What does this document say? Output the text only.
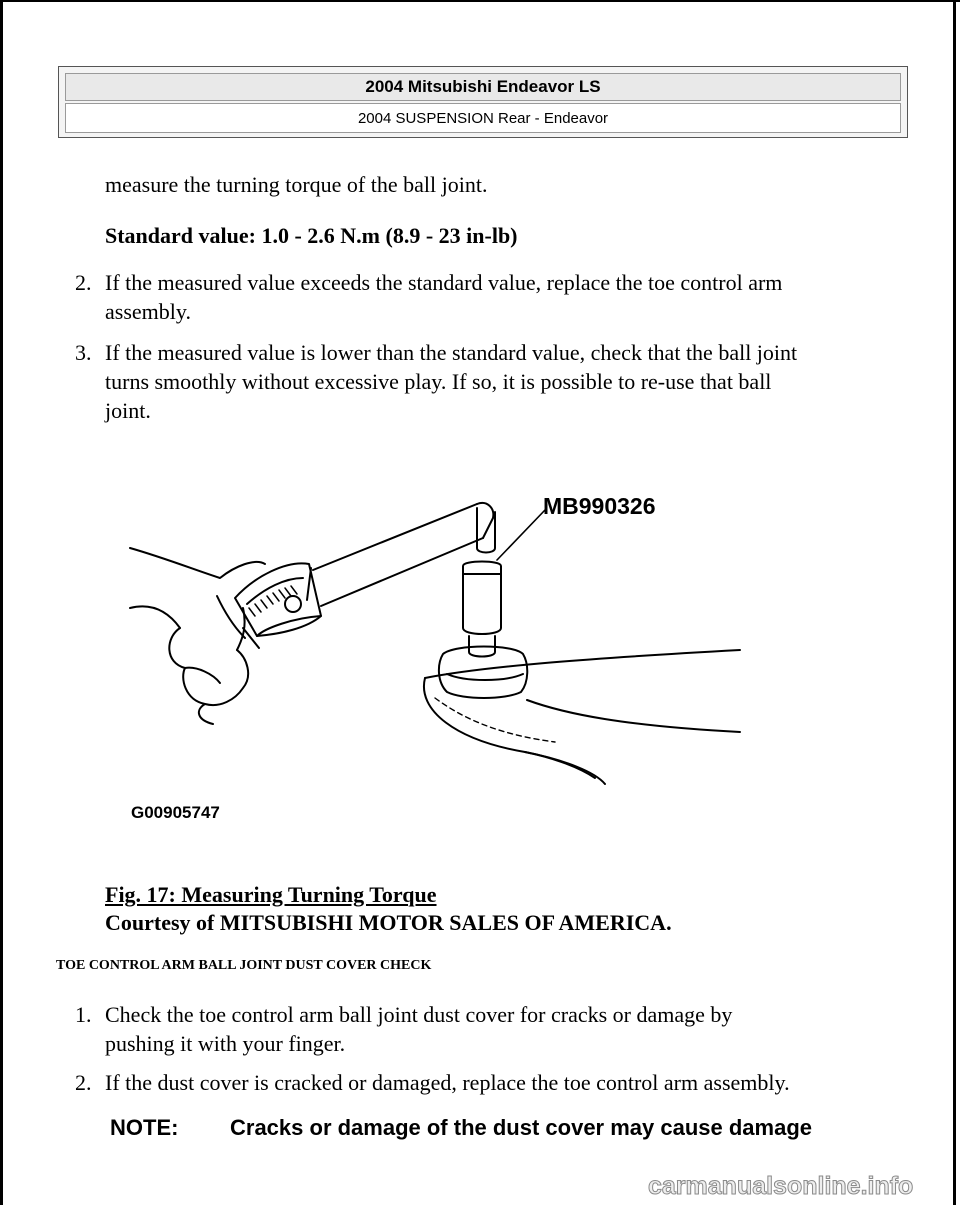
2004 Mitsubishi Endeavor LS
2004 SUSPENSION Rear - Endeavor
measure the turning torque of the ball joint.
Standard value: 1.0 - 2.6 N.m (8.9 - 23 in-lb)
2. If the measured value exceeds the standard value, replace the toe control arm
assembly.
3. If the measured value is lower than the standard value, check that the ball joint
turns smoothly without excessive play. If so, it is possible to re-use that ball
joint.
MB990326
G00905747
Fig. 17: Measuring Turning Torque
Courtesy of MITSUBISHI MOTOR SALES OF AMERICA.
TOE CONTROL ARM BALL JOINT DUST COVER CHECK
1. Check the toe control arm ball joint dust cover for cracks or damage by
pushing it with your finger.
2. If the dust cover is cracked or damaged, replace the toe control arm assembly.
NOTE: Cracks or damage of the dust cover may cause damage
carmanualsonline.info
